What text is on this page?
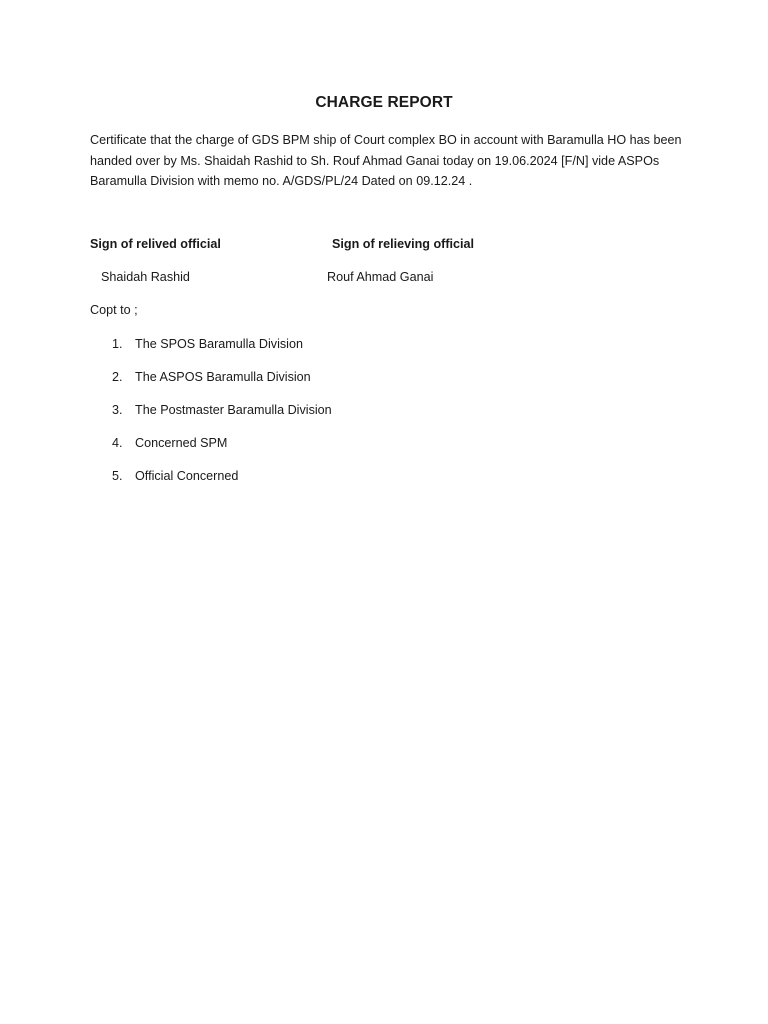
CHARGE REPORT

Certificate that the charge of GDS BPM ship of Court complex BO in account with Baramulla HO has been handed over by Ms. Shaidah Rashid to Sh. Rouf Ahmad Ganai today on 19.06.2024 [F/N] vide ASPOs Baramulla Division with memo no. A/GDS/PL/24 Dated on 09.12.24 .

Sign of relived official	Sign of relieving official
Shaidah Rashid	Rouf Ahmad Ganai
Copt to ;
1. The SPOS Baramulla Division
2. The ASPOS Baramulla Division
3. The Postmaster Baramulla Division
4. Concerned SPM
5. Official Concerned
